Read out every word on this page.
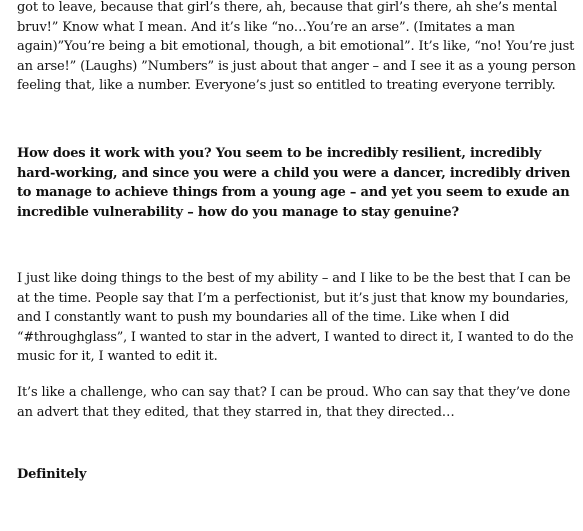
got to leave, because that girl’s there, ah, because that girl’s there, ah she’s mental
bruv!” Know what I mean. And it’s like “no…You’re an arse”. (Imitates a man
again)”You’re being a bit emotional, though, a bit emotional”. It’s like, “no! You’re just
an arse!” (Laughs) ”Numbers” is just about that anger – and I see it as a young person
feeling that, like a number. Everyone’s just so entitled to treating everyone terribly.

How does it work with you? You seem to be incredibly resilient, incredibly
hard-working, and since you were a child you were a dancer, incredibly driven
to manage to achieve things from a young age – and yet you seem to exude an
incredible vulnerability – how do you manage to stay genuine?

I just like doing things to the best of my ability – and I like to be the best that I can be
at the time. People say that I’m a perfectionist, but it’s just that know my boundaries,
and I constantly want to push my boundaries all of the time. Like when I did
“#throughglass”, I wanted to star in the advert, I wanted to direct it, I wanted to do the
music for it, I wanted to edit it.

It’s like a challenge, who can say that? I can be proud. Who can say that they’ve done
an advert that they edited, that they starred in, that they directed…

Definitely
